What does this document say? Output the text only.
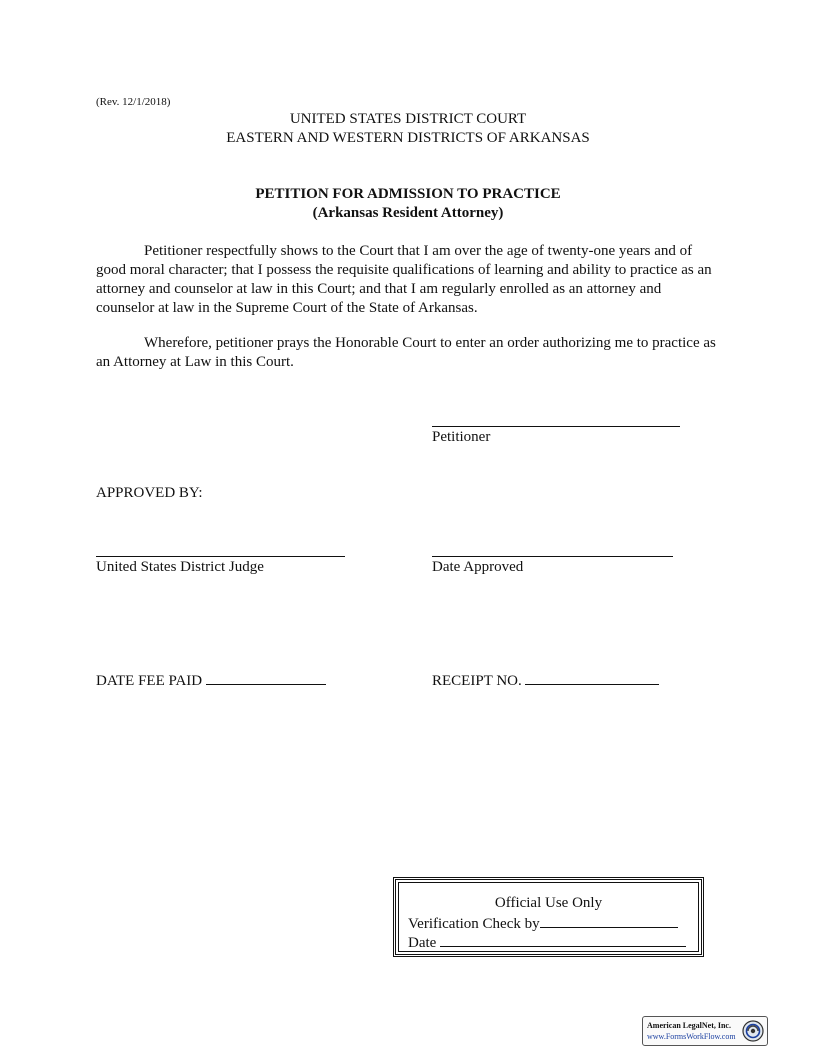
(Rev. 12/1/2018)
UNITED STATES DISTRICT COURT
EASTERN AND WESTERN DISTRICTS OF ARKANSAS
PETITION FOR ADMISSION TO PRACTICE
(Arkansas Resident Attorney)

Petitioner respectfully shows to the Court that I am over the age of twenty-one years and of good moral character; that I possess the requisite qualifications of learning and ability to practice as an attorney and counselor at law in this Court; and that I am regularly enrolled as an attorney and counselor at law in the Supreme Court of the State of Arkansas.

Wherefore, petitioner prays the Honorable Court to enter an order authorizing me to practice as an Attorney at Law in this Court.

Petitioner
APPROVED BY:
United States District Judge	Date Approved
DATE FEE PAID	RECEIPT NO.
Official Use Only
Verification Check by
Date
American LegalNet, Inc.
www.FormsWorkFlow.com
